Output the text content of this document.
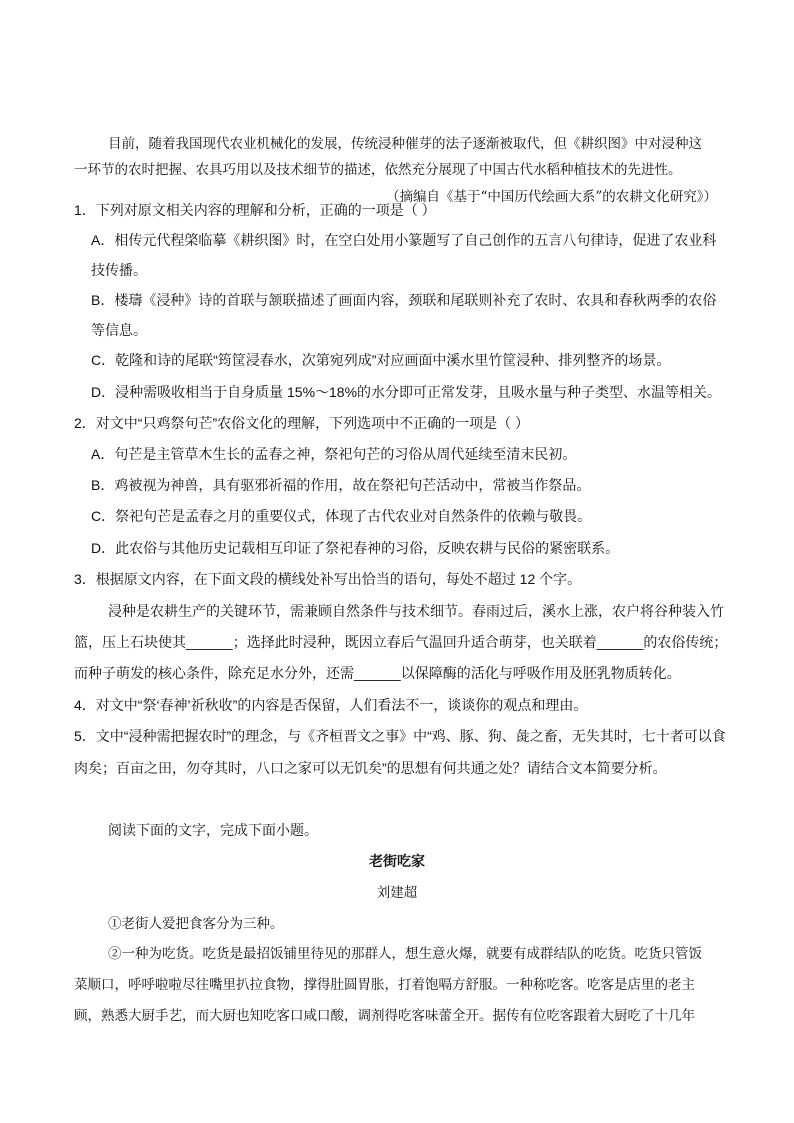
目前，随着我国现代农业机械化的发展，传统浸种催芽的法子逐渐被取代，但《耕织图》中对浸种这
一环节的农时把握、农具巧用以及技术细节的描述，依然充分展现了中国古代水稻种植技术的先进性。
（摘编自《基于“中国历代绘画大系”的农耕文化研究》）
1．下列对原文相关内容的理解和分析，正确的一项是（ ）
A．相传元代程棨临摹《耕织图》时，在空白处用小篆题写了自己创作的五言八句律诗，促进了农业科
技传播。
B．楼璹《浸种》诗的首联与颔联描述了画面内容，颈联和尾联则补充了农时、农具和春秋两季的农俗
等信息。
C．乾隆和诗的尾联“筠筐浸春水，次第宛列成”对应画面中溪水里竹筐浸种、排列整齐的场景。
D．浸种需吸收相当于自身质量 15%～18%的水分即可正常发芽，且吸水量与种子类型、水温等相关。
2．对文中“只鸡祭句芒”农俗文化的理解，下列选项中不正确的一项是（ ）
A．句芒是主管草木生长的孟春之神，祭祀句芒的习俗从周代延续至清末民初。
B．鸡被视为神兽，具有驱邪祈福的作用，故在祭祀句芒活动中，常被当作祭品。
C．祭祀句芒是孟春之月的重要仪式，体现了古代农业对自然条件的依赖与敬畏。
D．此农俗与其他历史记载相互印证了祭祀春神的习俗，反映农耕与民俗的紧密联系。
3．根据原文内容，在下面文段的横线处补写出恰当的语句，每处不超过 12 个字。
浸种是农耕生产的关键环节，需兼顾自然条件与技术细节。春雨过后，溪水上涨，农户将谷种装入竹
篮，压上石块使其______；选择此时浸种，既因立春后气温回升适合萌芽，也关联着______的农俗传统；
而种子萌发的核心条件，除充足水分外，还需______以保障酶的活化与呼吸作用及胚乳物质转化。
4．对文中“祭‘春神’祈秋收”的内容是否保留，人们看法不一，谈谈你的观点和理由。
5．文中“浸种需把握农时”的理念，与《齐桓晋文之事》中“鸡、豚、狗、彘之畜，无失其时，七十者可以食
肉矣；百亩之田，勿夺其时，八口之家可以无饥矣”的思想有何共通之处？请结合文本简要分析。
阅读下面的文字，完成下面小题。
老街吃家
刘建超
①老街人爱把食客分为三种。
②一种为吃货。吃货是最招饭铺里待见的那群人，想生意火爆，就要有成群结队的吃货。吃货只管饭
菜顺口，呼呼啦啦尽往嘴里扒拉食物，撑得肚圆胃胀，打着饱嗝方舒服。一种称吃客。吃客是店里的老主
顾，熟悉大厨手艺，而大厨也知吃客口咸口酸，调剂得吃客味蕾全开。据传有位吃客跟着大厨吃了十几年
